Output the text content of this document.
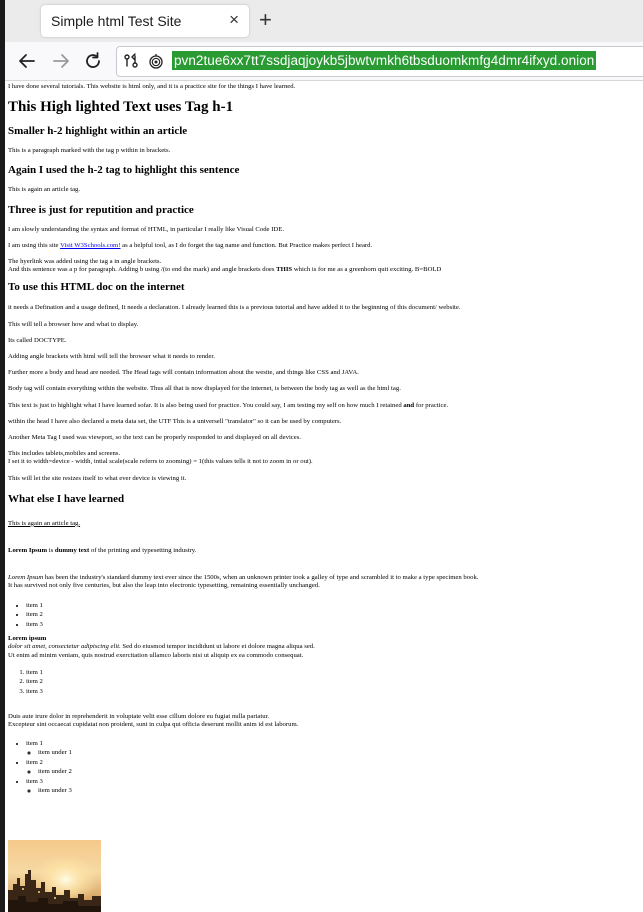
Simple html Test Site	× +
pvn2tue6xx7tt7ssdjaqjoykb5jbwtvmkh6tbsduomkmfg4dmr4ifxyd.onion

I have done several tutorials. This website is html only, and it is a practice site for the things I have learned.

This High lighted Text uses Tag h-1
Smaller h-2 highlight within an article

This is a paragraph marked with the tag p within in brackets.

Again I used the h-2 tag to highlight this sentence

This is again an article tag.

Three is just for reputition and practice

I am slowly understanding the syntax and format of HTML, in particular I really like Visual Code IDE.

I am using this site Visit W3Schools.com! as a helpful tool, as I do forget the tag name and function. But Practice makes perfect I heard.

The hyerlink was added using the tag a in angle brackets.
And this sentence was a p for paragraph. Adding b using /(to end the mark) and angle brackets does THIS which is for me as a greenhorn quit exciting. B=BOLD

To use this HTML doc on the internet

it needs a Defination and a usage defined, It needs a declaration. I already learned this is a previous tutorial and have added it to the beginning of this document/ website.

This will tell a browser how and what to display.

Its called DOCTYPE.

Adding angle brackets with html will tell the browser what it needs to render.

Further more a body and head are needed. The Head tags will contain information about the wesite, and things like CSS and JAVA.

Body tag will contain everything within the website. Thus all that is now displayed for the internet, is between the body tag as well as the html tag.

This text is just to highlight what I have learned sofar. It is also being used for practice. You could say, I am testing my self on how much I retained and for practice.

within the head I have also declared a meta data set, the UTF This is a universell "translator" so it can be used by computers.

Another Meta Tag I used was viewport, so the text can be properly responded to and displayed on all devices.

This includes tablets,mobiles and screens.
I set it to width=device - width, intial scale(scale referrs to zooming) = 1(this values tells it not to zoom in or out).

This will let the site resizes itself to what ever device is viewing it.

What else I have learned

This is again an article tag.

Lorem Ipsum is dummy text of the printing and typesetting industry.

Lorem Ipsum has been the industry's standard dummy text ever since the 1500s, when an unknown printer took a galley of type and scrambled it to make a type specimen book.
It has survived not only five centuries, but also the leap into electronic typesetting, remaining essentially unchanged.

• item 1
• item 2
• item 3

Lorem ipsum
dolor sit amet, consectetur adipiscing elit. Sed do eiusmod tempor incididunt ut labore et dolore magna aliqua sed.
Ut enim ad minim veniam, quis nostrud exercitation ullamco laboris nisi ut aliquip ex ea commodo consequat.

1. item 1
2. item 2
3. item 3

Duis aute irure dolor in reprehenderit in voluptate velit esse cillum dolore eu fugiat nulla pariatur.
Excepteur sint occaecat cupidatat non proident, sunt in culpa qui officia deserunt mollit anim id est laborum.

• item 1
◦ item under 1
• item 2
◦ item under 2
• item 3
◦ item under 3
